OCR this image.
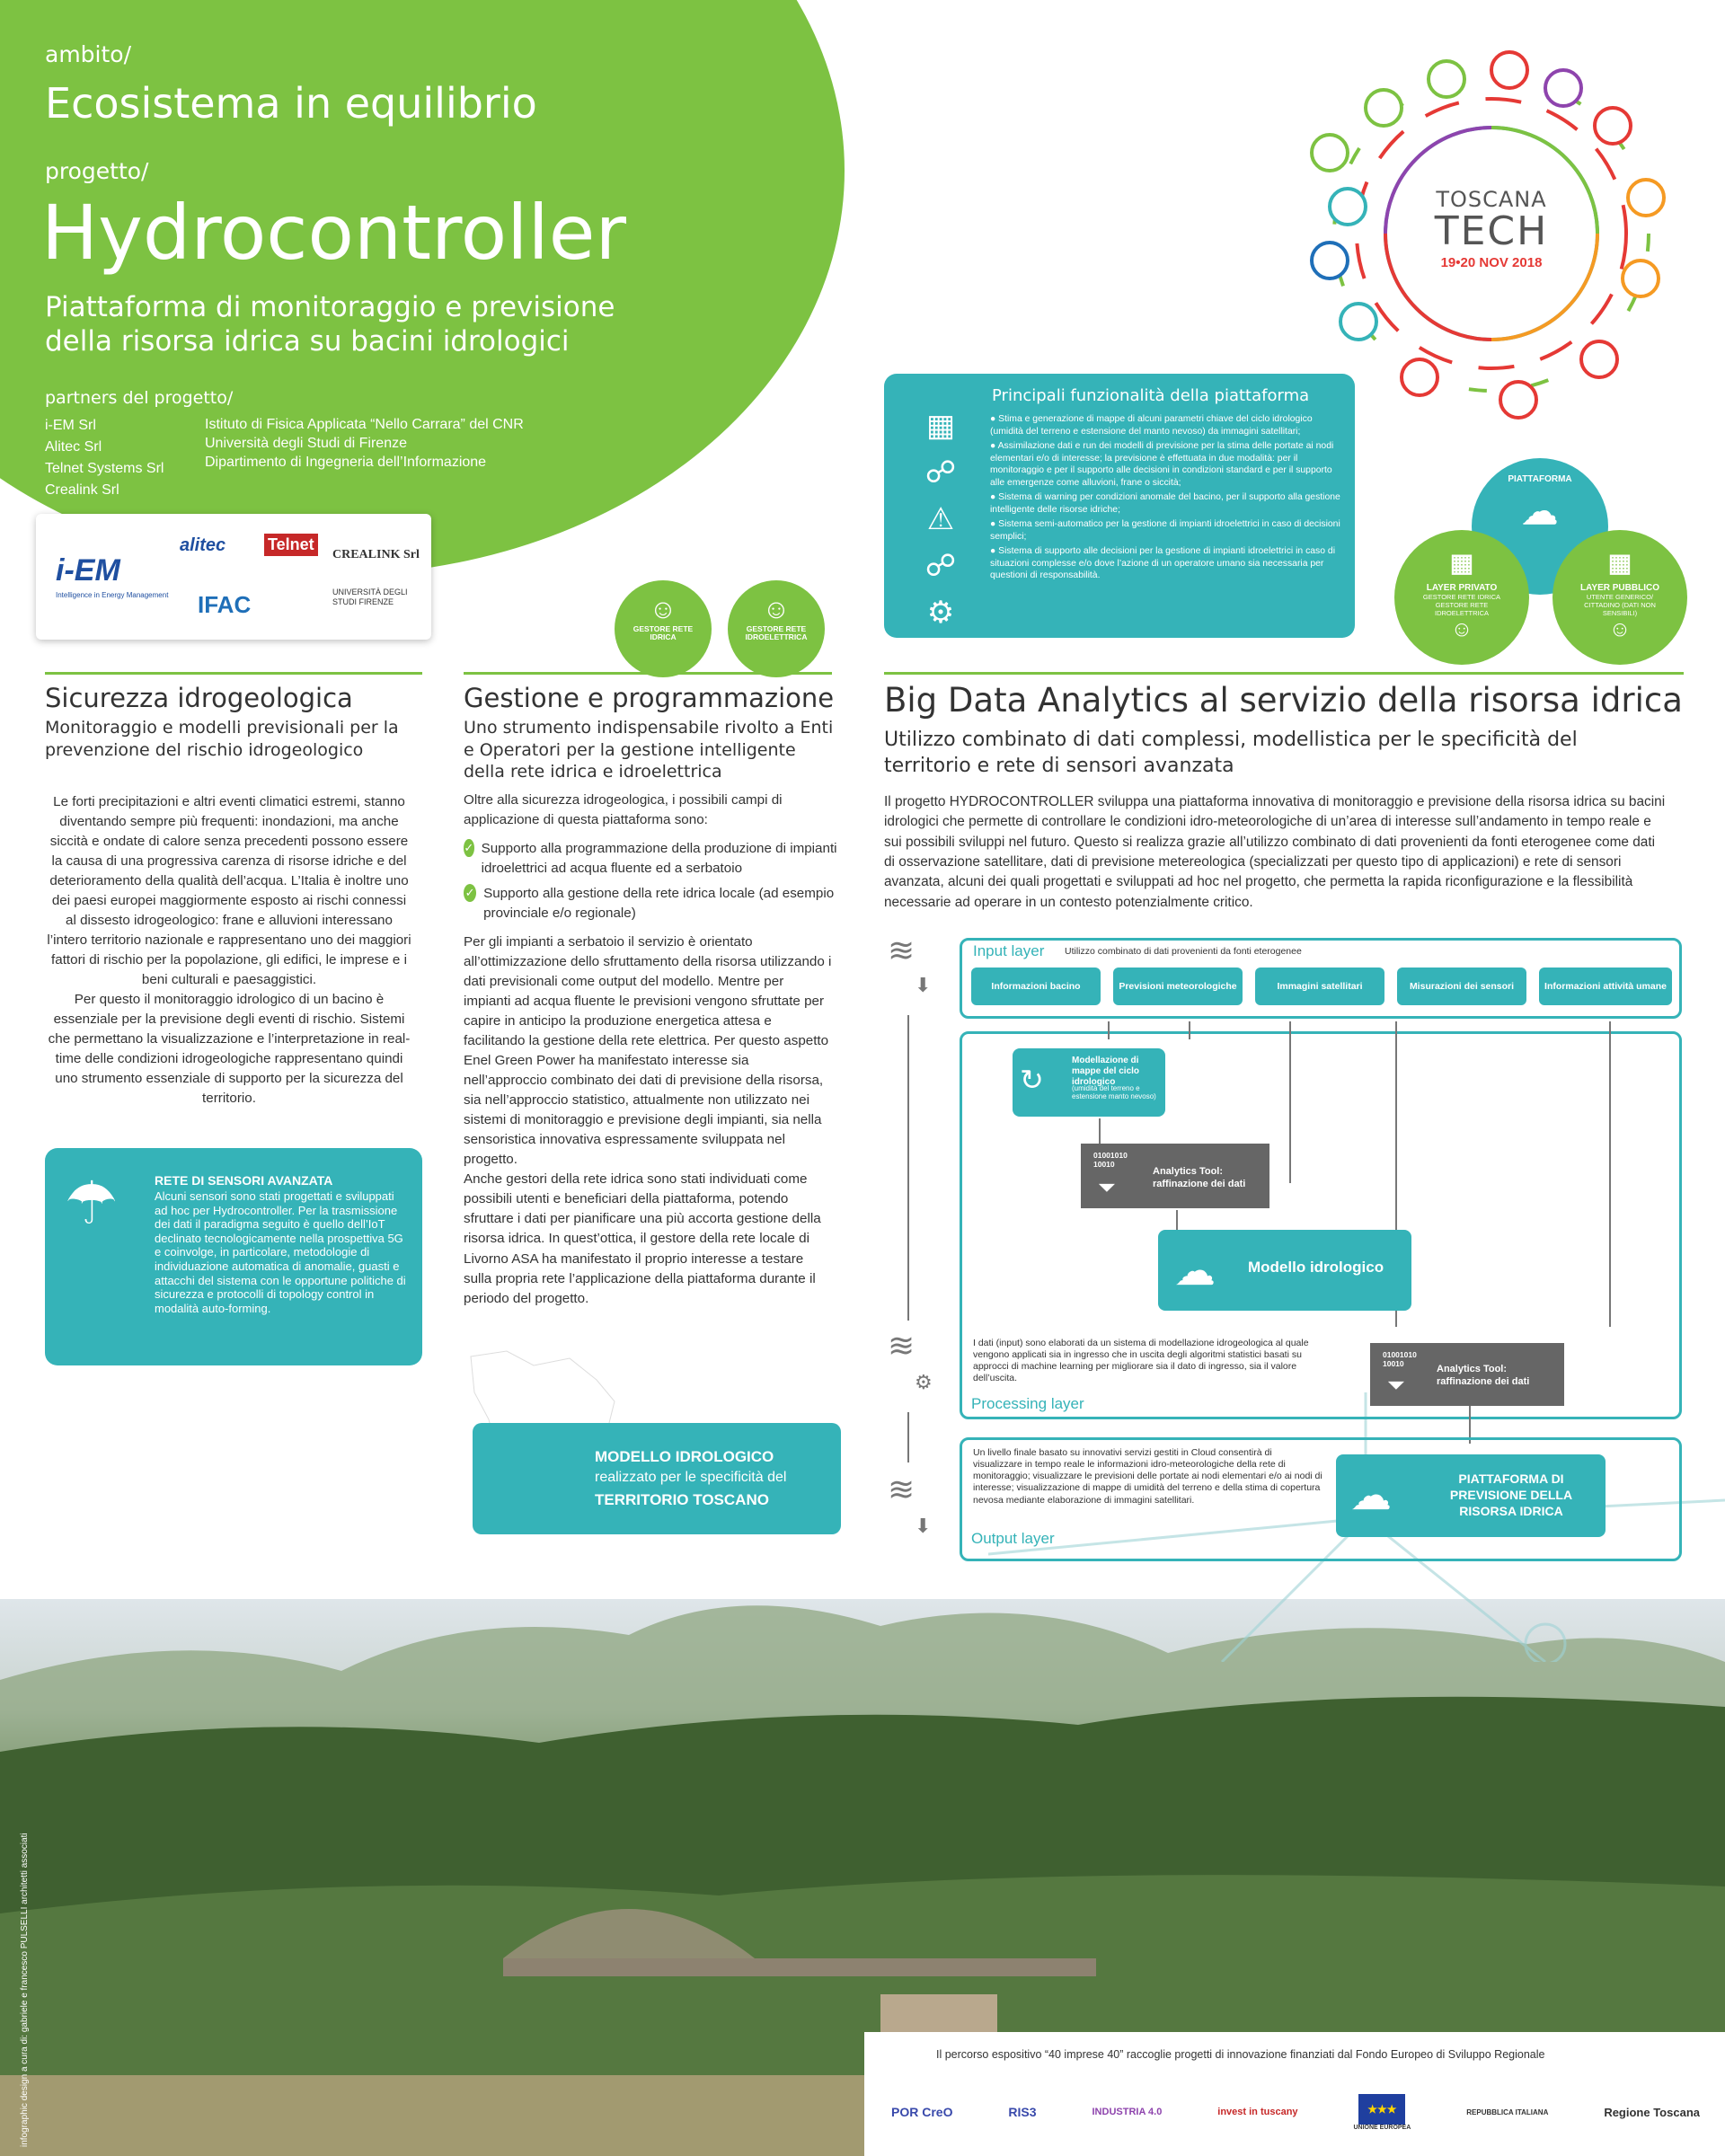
ambito/
Ecosistema in equilibrio
progetto/
Hydrocontroller
Piattaforma di monitoraggio e previsione
della risorsa idrica su bacini idrologici
partners del progetto/
i-EM Srl
Alitec Srl
Telnet Systems Srl
Crealink Srl
Istituto di Fisica Applicata “Nello Carrara” del CNR
Università degli Studi di Firenze
Dipartimento di Ingegneria dell’Informazione
i-EM
Intelligence in Energy Management
alitec	Telnet
CREALINK Srl
IFAC	UNIVERSITÀ DEGLI STUDI FIRENZE
TOSCANA
TECH
19•20 NOV 2018
Principali funzionalità della piattaforma
▦
☍
⚠
☍
⚙
● Stima e generazione di mappe di alcuni parametri chiave del ciclo idrologico (umidità del terreno e estensione del manto nevoso) da immagini satellitari;
● Assimilazione dati e run dei modelli di previsione per la stima delle portate ai nodi elementari e/o di interesse; la previsione è effettuata in due modalità: per il monitoraggio e per il supporto alle decisioni in condizioni standard e per il supporto alle emergenze come alluvioni, frane o siccità;
● Sistema di warning per condizioni anomale del bacino, per il supporto alla gestione intelligente delle risorse idriche;
● Sistema semi-automatico per la gestione di impianti idroelettrici in caso di decisioni semplici;
● Sistema di supporto alle decisioni per la gestione di impianti idroelettrici in caso di situazioni complesse e/o dove l’azione di un operatore umano sia necessaria per questioni di responsabilità.
PIATTAFORMA
☁
▦
LAYER PRIVATO
GESTORE RETE IDRICA GESTORE RETE IDROELETTRICA
☺
▦
LAYER PUBBLICO
UTENTE GENERICO/ CITTADINO (DATI NON SENSIBILI)
☺
☺
GESTORE RETE IDRICA
☺
GESTORE RETE IDROELETTRICA
Sicurezza idrogeologica
Monitoraggio e modelli previsionali per la prevenzione del rischio idrogeologico
Le forti precipitazioni e altri eventi climatici estremi, stanno diventando sempre più frequenti: inondazioni, ma anche siccità e ondate di calore senza precedenti possono essere la causa di una progressiva carenza di risorse idriche e del deterioramento della qualità dell’acqua. L’Italia è inoltre uno dei paesi europei maggiormente esposto ai rischi connessi al dissesto idrogeologico: frane e alluvioni interessano l’intero territorio nazionale e rappresentano uno dei maggiori fattori di rischio per la popolazione, gli edifici, le imprese e i beni culturali e paesaggistici.
Per questo il monitoraggio idrologico di un bacino è essenziale per la previsione degli eventi di rischio. Sistemi che permettano la visualizzazione e l’interpretazione in real-time delle condizioni idrogeologiche rappresentano quindi uno strumento essenziale di supporto per la sicurezza del territorio.
☂	RETE DI SENSORI AVANZATA
Alcuni sensori sono stati progettati e sviluppati ad hoc per Hydrocontroller. Per la trasmissione dei dati il paradigma seguito è quello dell’IoT declinato tecnologicamente nella prospettiva 5G e coinvolge, in particolare, metodologie di individuazione automatica di anomalie, guasti e attacchi del sistema con le opportune politiche di sicurezza e protocolli di topology control in modalità auto-forming.
Gestione e programmazione
Uno strumento indispensabile rivolto a Enti e Operatori per la gestione intelligente della rete idrica e idroelettrica
Oltre alla sicurezza idrogeologica, i possibili campi di applicazione di questa piattaforma sono:
✓ Supporto alla programmazione della produzione di impianti idroelettrici ad acqua fluente ed a serbatoio
✓ Supporto alla gestione della rete idrica locale (ad esempio provinciale e/o regionale)
Per gli impianti a serbatoio il servizio è orientato all’ottimizzazione dello sfruttamento della risorsa utilizzando i dati previsionali come output del modello. Mentre per impianti ad acqua fluente le previsioni vengono sfruttate per capire in anticipo la produzione energetica attesa e facilitando la gestione della rete elettrica. Per questo aspetto Enel Green Power ha manifestato interesse sia nell’approccio combinato dei dati di previsione della risorsa, sia nell’approccio statistico, attualmente non utilizzato nei sistemi di monitoraggio e previsione degli impianti, sia nella sensoristica innovativa espressamente sviluppata nel progetto.
Anche gestori della rete idrica sono stati individuati come possibili utenti e beneficiari della piattaforma, potendo sfruttare i dati per pianificare una più accorta gestione della risorsa idrica. In quest’ottica, il gestore della rete locale di Livorno ASA ha manifestato il proprio interesse a testare sulla propria rete l’applicazione della piattaforma durante il periodo del progetto.
MODELLO IDROLOGICO
realizzato per le specificità del
TERRITORIO TOSCANO
Big Data Analytics al servizio della risorsa idrica
Utilizzo combinato di dati complessi, modellistica per le specificità del territorio e rete di sensori avanzata
Il progetto HYDROCONTROLLER sviluppa una piattaforma innovativa di monitoraggio e previsione della risorsa idrica su bacini idrologici che permette di controllare le condizioni idro-meteorologiche di un’area di interesse sull’andamento in tempo reale e sui possibili sviluppi nel futuro. Questo si realizza grazie all’utilizzo combinato di dati provenienti da fonti eterogenee come dati di osservazione satellitare, dati di previsione metereologica (specializzati per questo tipo di applicazioni) e rete di sensori avanzata, alcuni dei quali progettati e sviluppati ad hoc nel progetto, che permetta la rapida riconfigurazione e la flessibilità necessarie ad operare in un contesto potenzialmente critico.
≋
⬇
≋
⚙
≋
⬇
Input layer Utilizzo combinato di dati provenienti da fonti eterogenee
Informazioni bacino	Previsioni meteorologiche	Immagini satellitari	Misurazioni dei sensori	Informazioni attività umane
↻
Modellazione di mappe del ciclo idrologico
(umidità del terreno e estensione manto nevoso)
01001010 10010
⏷
Analytics Tool: raffinazione dei dati
☁ Modello idrologico
I dati (input) sono elaborati da un sistema di modellazione idrogeologica al quale vengono applicati sia in ingresso che in uscita degli algoritmi statistici basati su approcci di machine learning per migliorare sia il dato di ingresso, sia il valore dell’uscita.
01001010 10010
⏷
Analytics Tool: raffinazione dei dati
Processing layer
Un livello finale basato su innovativi servizi gestiti in Cloud consentirà di visualizzare in tempo reale le informazioni idro-meteorologiche della rete di monitoraggio; visualizzare le previsioni delle portate ai nodi elementari e/o ai nodi di interesse; visualizzazione di mappe di umidità del terreno e della stima di copertura nevosa mediante elaborazione di immagini satellitari.	☁	PIATTAFORMA DI PREVISIONE DELLA RISORSA IDRICA
Output layer
Il percorso espositivo “40 imprese 40” raccoglie progetti di innovazione finanziati dal Fondo Europeo di Sviluppo Regionale
POR CreO	RIS3	INDUSTRIA 4.0	invest in tuscany	★★★
UNIONE EUROPEA
REPUBBLICA ITALIANA	Regione Toscana
infographic design a cura di: gabriele e francesco PULSELLI architetti associati
